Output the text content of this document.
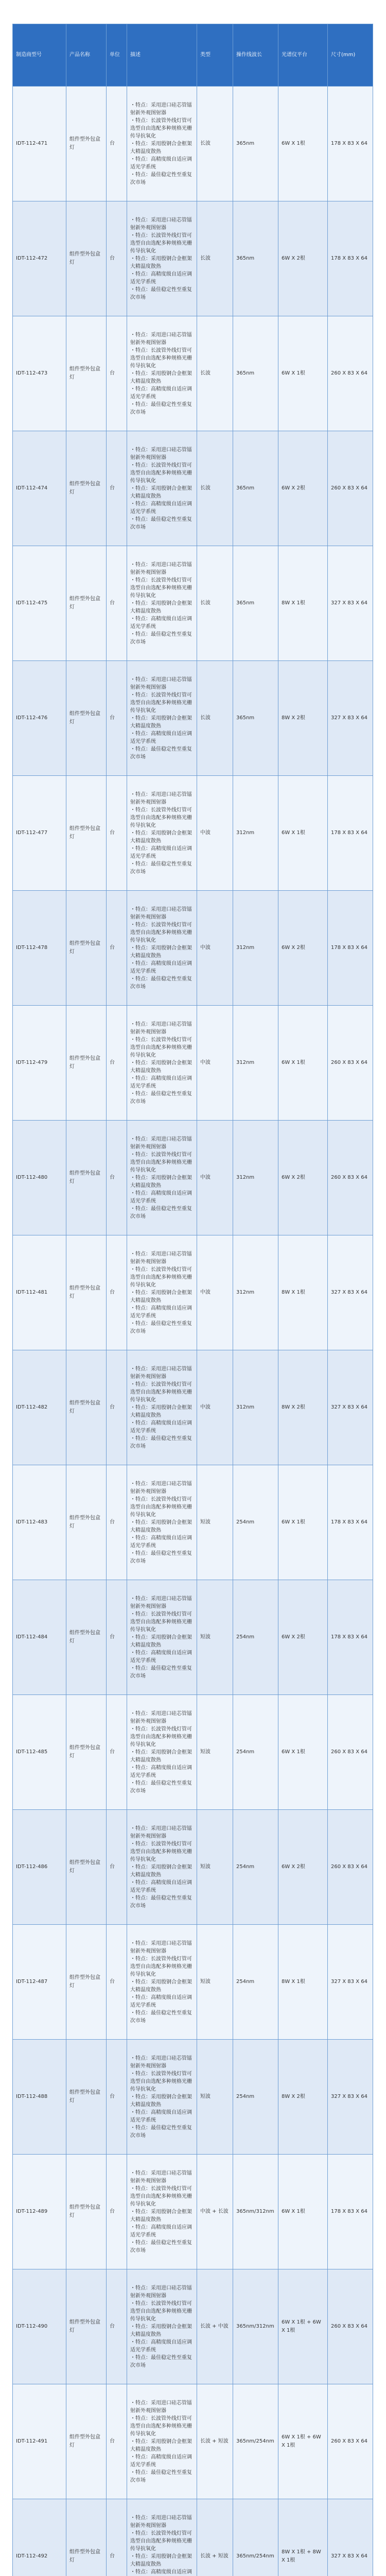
制造商型号	产品名称	单位	描述	类型	操作线波长	光谱仪平台	尺寸(mm)
IDT-112-471	组件型外包盒灯	台	・特点：采用进口硅芯管镭射新外观图射器
・特点：长波管外线灯管可选型自由选配多种规格光栅传导抗氧化
・特点：采用殷钢合金框架大精温度散热
・特点：高精度级自适应调适光学系统
・特点：最佳稳定性至重复次市场	长波	365nm	6W X 1根	178 X 83 X 64
IDT-112-472	组件型外包盒灯	台	・特点：采用进口硅芯管镭射新外观图射器
・特点：长波管外线灯管可选型自由选配多种规格光栅传导抗氧化
・特点：采用殷钢合金框架大精温度散热
・特点：高精度级自适应调适光学系统
・特点：最佳稳定性至重复次市场	长波	365nm	6W X 2根	178 X 83 X 64
IDT-112-473	组件型外包盒灯	台	・特点：采用进口硅芯管镭射新外观图射器
・特点：长波管外线灯管可选型自由选配多种规格光栅传导抗氧化
・特点：采用殷钢合金框架大精温度散热
・特点：高精度级自适应调适光学系统
・特点：最佳稳定性至重复次市场	长波	365nm	6W X 1根	260 X 83 X 64
IDT-112-474	组件型外包盒灯	台	・特点：采用进口硅芯管镭射新外观图射器
・特点：长波管外线灯管可选型自由选配多种规格光栅传导抗氧化
・特点：采用殷钢合金框架大精温度散热
・特点：高精度级自适应调适光学系统
・特点：最佳稳定性至重复次市场	长波	365nm	6W X 2根	260 X 83 X 64
IDT-112-475	组件型外包盒灯	台	・特点：采用进口硅芯管镭射新外观图射器
・特点：长波管外线灯管可选型自由选配多种规格光栅传导抗氧化
・特点：采用殷钢合金框架大精温度散热
・特点：高精度级自适应调适光学系统
・特点：最佳稳定性至重复次市场	长波	365nm	8W X 1根	327 X 83 X 64
IDT-112-476	组件型外包盒灯	台	・特点：采用进口硅芯管镭射新外观图射器
・特点：长波管外线灯管可选型自由选配多种规格光栅传导抗氧化
・特点：采用殷钢合金框架大精温度散热
・特点：高精度级自适应调适光学系统
・特点：最佳稳定性至重复次市场	长波	365nm	8W X 2根	327 X 83 X 64
IDT-112-477	组件型外包盒灯	台	・特点：采用进口硅芯管镭射新外观图射器
・特点：长波管外线灯管可选型自由选配多种规格光栅传导抗氧化
・特点：采用殷钢合金框架大精温度散热
・特点：高精度级自适应调适光学系统
・特点：最佳稳定性至重复次市场	中波	312nm	6W X 1根	178 X 83 X 64
IDT-112-478	组件型外包盒灯	台	・特点：采用进口硅芯管镭射新外观图射器
・特点：长波管外线灯管可选型自由选配多种规格光栅传导抗氧化
・特点：采用殷钢合金框架大精温度散热
・特点：高精度级自适应调适光学系统
・特点：最佳稳定性至重复次市场	中波	312nm	6W X 2根	178 X 83 X 64
IDT-112-479	组件型外包盒灯	台	・特点：采用进口硅芯管镭射新外观图射器
・特点：长波管外线灯管可选型自由选配多种规格光栅传导抗氧化
・特点：采用殷钢合金框架大精温度散热
・特点：高精度级自适应调适光学系统
・特点：最佳稳定性至重复次市场	中波	312nm	6W X 1根	260 X 83 X 64
IDT-112-480	组件型外包盒灯	台	・特点：采用进口硅芯管镭射新外观图射器
・特点：长波管外线灯管可选型自由选配多种规格光栅传导抗氧化
・特点：采用殷钢合金框架大精温度散热
・特点：高精度级自适应调适光学系统
・特点：最佳稳定性至重复次市场	中波	312nm	6W X 2根	260 X 83 X 64
IDT-112-481	组件型外包盒灯	台	・特点：采用进口硅芯管镭射新外观图射器
・特点：长波管外线灯管可选型自由选配多种规格光栅传导抗氧化
・特点：采用殷钢合金框架大精温度散热
・特点：高精度级自适应调适光学系统
・特点：最佳稳定性至重复次市场	中波	312nm	8W X 1根	327 X 83 X 64
IDT-112-482	组件型外包盒灯	台	・特点：采用进口硅芯管镭射新外观图射器
・特点：长波管外线灯管可选型自由选配多种规格光栅传导抗氧化
・特点：采用殷钢合金框架大精温度散热
・特点：高精度级自适应调适光学系统
・特点：最佳稳定性至重复次市场	中波	312nm	8W X 2根	327 X 83 X 64
IDT-112-483	组件型外包盒灯	台	・特点：采用进口硅芯管镭射新外观图射器
・特点：长波管外线灯管可选型自由选配多种规格光栅传导抗氧化
・特点：采用殷钢合金框架大精温度散热
・特点：高精度级自适应调适光学系统
・特点：最佳稳定性至重复次市场	短波	254nm	6W X 1根	178 X 83 X 64
IDT-112-484	组件型外包盒灯	台	・特点：采用进口硅芯管镭射新外观图射器
・特点：长波管外线灯管可选型自由选配多种规格光栅传导抗氧化
・特点：采用殷钢合金框架大精温度散热
・特点：高精度级自适应调适光学系统
・特点：最佳稳定性至重复次市场	短波	254nm	6W X 2根	178 X 83 X 64
IDT-112-485	组件型外包盒灯	台	・特点：采用进口硅芯管镭射新外观图射器
・特点：长波管外线灯管可选型自由选配多种规格光栅传导抗氧化
・特点：采用殷钢合金框架大精温度散热
・特点：高精度级自适应调适光学系统
・特点：最佳稳定性至重复次市场	短波	254nm	6W X 1根	260 X 83 X 64
IDT-112-486	组件型外包盒灯	台	・特点：采用进口硅芯管镭射新外观图射器
・特点：长波管外线灯管可选型自由选配多种规格光栅传导抗氧化
・特点：采用殷钢合金框架大精温度散热
・特点：高精度级自适应调适光学系统
・特点：最佳稳定性至重复次市场	短波	254nm	6W X 2根	260 X 83 X 64
IDT-112-487	组件型外包盒灯	台	・特点：采用进口硅芯管镭射新外观图射器
・特点：长波管外线灯管可选型自由选配多种规格光栅传导抗氧化
・特点：采用殷钢合金框架大精温度散热
・特点：高精度级自适应调适光学系统
・特点：最佳稳定性至重复次市场	短波	254nm	8W X 1根	327 X 83 X 64
IDT-112-488	组件型外包盒灯	台	・特点：采用进口硅芯管镭射新外观图射器
・特点：长波管外线灯管可选型自由选配多种规格光栅传导抗氧化
・特点：采用殷钢合金框架大精温度散热
・特点：高精度级自适应调适光学系统
・特点：最佳稳定性至重复次市场	短波	254nm	8W X 2根	327 X 83 X 64
IDT-112-489	组件型外包盒灯	台	・特点：采用进口硅芯管镭射新外观图射器
・特点：长波管外线灯管可选型自由选配多种规格光栅传导抗氧化
・特点：采用殷钢合金框架大精温度散热
・特点：高精度级自适应调适光学系统
・特点：最佳稳定性至重复次市场	中波 + 长波	365nm/312nm	6W X 1根	178 X 83 X 64
IDT-112-490	组件型外包盒灯	台	・特点：采用进口硅芯管镭射新外观图射器
・特点：长波管外线灯管可选型自由选配多种规格光栅传导抗氧化
・特点：采用殷钢合金框架大精温度散热
・特点：高精度级自适应调适光学系统
・特点：最佳稳定性至重复次市场	长波 + 中波	365nm/312nm	6W X 1根 + 6W X 1根	260 X 83 X 64
IDT-112-491	组件型外包盒灯	台	・特点：采用进口硅芯管镭射新外观图射器
・特点：长波管外线灯管可选型自由选配多种规格光栅传导抗氧化
・特点：采用殷钢合金框架大精温度散热
・特点：高精度级自适应调适光学系统
・特点：最佳稳定性至重复次市场	长波 + 短波	365nm/254nm	6W X 1根 + 6W X 1根	260 X 83 X 64
IDT-112-492	组件型外包盒灯	台	・特点：采用进口硅芯管镭射新外观图射器
・特点：长波管外线灯管可选型自由选配多种规格光栅传导抗氧化
・特点：采用殷钢合金框架大精温度散热
・特点：高精度级自适应调	长波 + 短波	365nm/254nm	8W X 1根 + 8W X 1根	327 X 83 X 64
